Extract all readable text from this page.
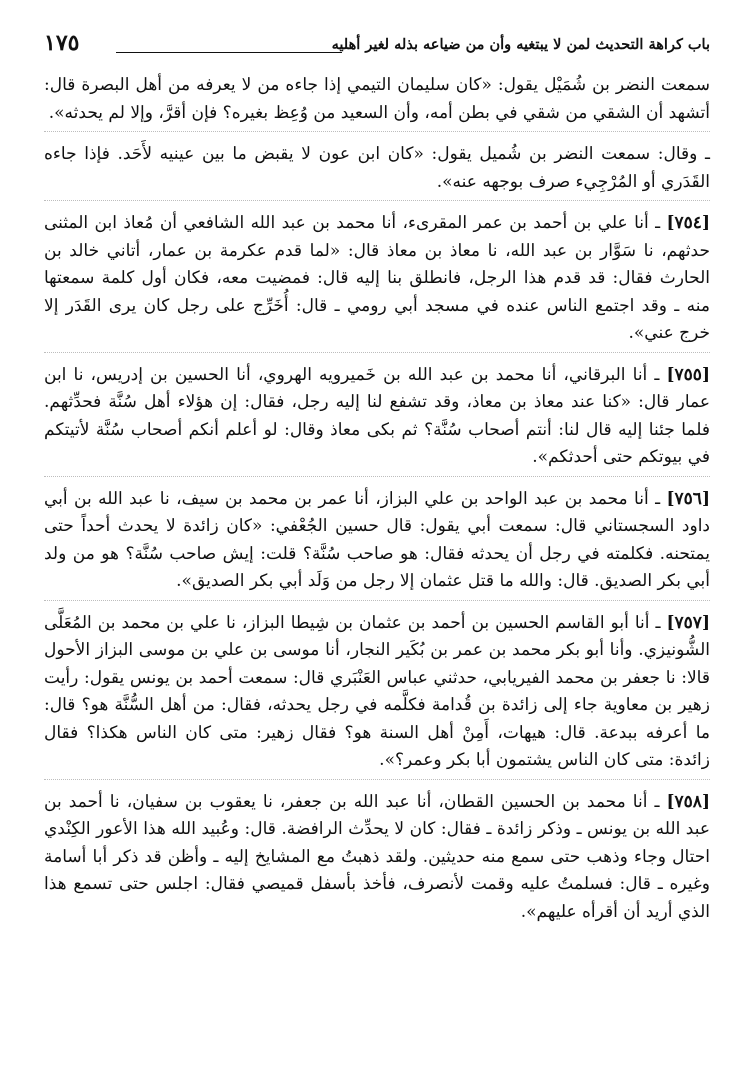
باب كراهة التحديث لمن لا يبتغيه وأن من ضياعه بذله لغير أهليه
١٧٥

سمعت النضر بن شُمَيْل يقول: «كان سليمان التيمي إذا جاءه من لا يعرفه من أهل البصرة قال: أتشهد أن الشقي من شقي في بطن أمه، وأن السعيد من وُعِظ بغيره؟ فإن أقرَّ، وإلا لم يحدثه».

ـ وقال: سمعت النضر بن شُميل يقول: «كان ابن عون لا يقبض ما بين عينيه لأَحَد. فإذا جاءه القَدَري أو المُرْجِيء صرف بوجهه عنه».

[٧٥٤] ـ أنا علي بن أحمد بن عمر المقرىء، أنا محمد بن عبد الله الشافعي أن مُعاذ ابن المثنى حدثهم، نا سَوَّار بن عبد الله، نا معاذ بن معاذ قال: «لما قدم عكرمة بن عمار، أتاني خالد بن الحارث فقال: قد قدم هذا الرجل، فانطلق بنا إليه قال: فمضيت معه، فكان أول كلمة سمعتها منه ـ وقد اجتمع الناس عنده في مسجد أبي رومي ـ قال: أُخَرِّج على رجل كان يرى القَدَر إلا خرج عني».

[٧٥٥] ـ أنا البرقاني، أنا محمد بن عبد الله بن خَميرويه الهروي، أنا الحسين بن إدريس، نا ابن عمار قال: «كنا عند معاذ بن معاذ، وقد تشفع لنا إليه رجل، فقال: إن هؤلاء أهل سُنَّة فحدِّثهم. فلما جئنا إليه قال لنا: أنتم أصحاب سُنَّة؟ ثم بكى معاذ وقال: لو أعلم أنكم أصحاب سُنَّة لأتيتكم في بيوتكم حتى أحدثكم».

[٧٥٦] ـ أنا محمد بن عبد الواحد بن علي البزاز، أنا عمر بن محمد بن سيف، نا عبد الله بن أبي داود السجستاني قال: سمعت أبي يقول: قال حسين الجُعْفي: «كان زائدة لا يحدث أحداً حتى يمتحنه. فكلمته في رجل أن يحدثه فقال: هو صاحب سُنَّة؟ قلت: إيش صاحب سُنَّة؟ هو من ولد أبي بكر الصديق. قال: والله ما قتل عثمان إلا رجل من وَلَد أبي بكر الصديق».

[٧٥٧] ـ أنا أبو القاسم الحسين بن أحمد بن عثمان بن شِيطا البزاز، نا علي بن محمد بن المُعَلَّى الشُّونيزي. وأنا أبو بكر محمد بن عمر بن بُكَير النجار، أنا موسى بن علي بن موسى البزاز الأحول قالا: نا جعفر بن محمد الفيريابي، حدثني عباس العَنْبَري قال: سمعت أحمد بن يونس يقول: رأيت زهير بن معاوية جاء إلى زائدة بن قُدامة فكلَّمه في رجل يحدثه، فقال: من أهل السُّنَّة هو؟ قال: ما أعرفه ببدعة. قال: هيهات، أَمِنْ أهل السنة هو؟ فقال زهير: متى كان الناس هكذا؟ فقال زائدة: متى كان الناس يشتمون أبا بكر وعمر؟».

[٧٥٨] ـ أنا محمد بن الحسين القطان، أنا عبد الله بن جعفر، نا يعقوب بن سفيان، نا أحمد بن عبد الله بن يونس ـ وذكر زائدة ـ فقال: كان لا يحدِّث الرافضة. قال: وعُبيد الله هذا الأعور الكِنْدي احتال وجاء وذهب حتى سمع منه حديثين. ولقد ذهبتُ مع المشايخ إليه ـ وأظن قد ذكر أبا أسامة وغيره ـ قال: فسلمتُ عليه وقمت لأنصرف، فأخذ بأسفل قميصي فقال: اجلس حتى تسمع هذا الذي أريد أن أقرأه عليهم».
